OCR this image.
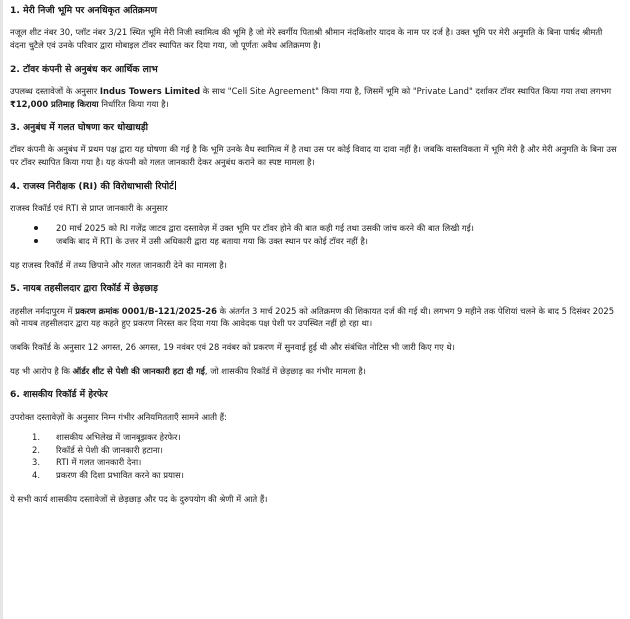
1. मेरी निजी भूमि पर अनधिकृत अतिक्रमण

नजूल शीट नंबर 30, प्लॉट नंबर 3/21 स्थित भूमि मेरी निजी स्वामित्व की भूमि है जो मेरे स्वर्गीय पिताश्री श्रीमान नंदकिशोर यादव के नाम पर दर्ज है। उक्त भूमि पर मेरी अनुमति के बिना पार्षद श्रीमती वंदना चुटैले एवं उनके परिवार द्वारा मोबाइल टॉवर स्थापित कर दिया गया, जो पूर्णतः अवैध अतिक्रमण है।

2. टॉवर कंपनी से अनुबंध कर आर्थिक लाभ

उपलब्ध दस्तावेजों के अनुसार Indus Towers Limited के साथ "Cell Site Agreement" किया गया है, जिसमें भूमि को "Private Land" दर्शाकर टॉवर स्थापित किया गया तथा लगभग ₹12,000 प्रतिमाह किराया निर्धारित किया गया है।

3. अनुबंध में गलत घोषणा कर धोखाधड़ी

टॉवर कंपनी के अनुबंध में प्रथम पक्ष द्वारा यह घोषणा की गई है कि भूमि उनके वैध स्वामित्व में है तथा उस पर कोई विवाद या दावा नहीं है। जबकि वास्तविकता में भूमि मेरी है और मेरी अनुमति के बिना उस पर टॉवर स्थापित किया गया है। यह कंपनी को गलत जानकारी देकर अनुबंध कराने का स्पष्ट मामला है।

4. राजस्व निरीक्षक (RI) की विरोधाभासी रिपोर्ट

राजस्व रिकॉर्ड एवं RTI से प्राप्त जानकारी के अनुसार

20 मार्च 2025 को RI गजेंद्र जाटव द्वारा दस्तावेज़ में उक्त भूमि पर टॉवर होने की बात कही गई तथा उसकी जांच करने की बात लिखी गई।
जबकि बाद में RTI के उत्तर में उसी अधिकारी द्वारा यह बताया गया कि उक्त स्थान पर कोई टॉवर नहीं है।

यह राजस्व रिकॉर्ड में तथ्य छिपाने और गलत जानकारी देने का मामला है।

5. नायब तहसीलदार द्वारा रिकॉर्ड में छेड़छाड़

तहसील नर्मदापुरम में प्रकरण क्रमांक 0001/B-121/2025-26 के अंतर्गत 3 मार्च 2025 को अतिक्रमण की शिकायत दर्ज की गई थी। लगभग 9 महीने तक पेशियां चलने के बाद 5 दिसंबर 2025 को नायब तहसीलदार द्वारा यह कहते हुए प्रकरण निरस्त कर दिया गया कि आवेदक पक्ष पेशी पर उपस्थित नहीं हो रहा था।

जबकि रिकॉर्ड के अनुसार 12 अगस्त, 26 अगस्त, 19 नवंबर एवं 28 नवंबर को प्रकरण में सुनवाई हुई थी और संबंधित नोटिस भी जारी किए गए थे।

यह भी आरोप है कि ऑर्डर शीट से पेशी की जानकारी हटा दी गई, जो शासकीय रिकॉर्ड में छेड़छाड़ का गंभीर मामला है।

6. शासकीय रिकॉर्ड में हेरफेर

उपरोक्त दस्तावेज़ों के अनुसार निम्न गंभीर अनियमितताएँ सामने आती हैं:

1. शासकीय अभिलेख में जानबूझकर हेरफेर।
2. रिकॉर्ड से पेशी की जानकारी हटाना।
3. RTI में गलत जानकारी देना।
4. प्रकरण की दिशा प्रभावित करने का प्रयास।

ये सभी कार्य शासकीय दस्तावेजों से छेड़छाड़ और पद के दुरुपयोग की श्रेणी में आते हैं।
